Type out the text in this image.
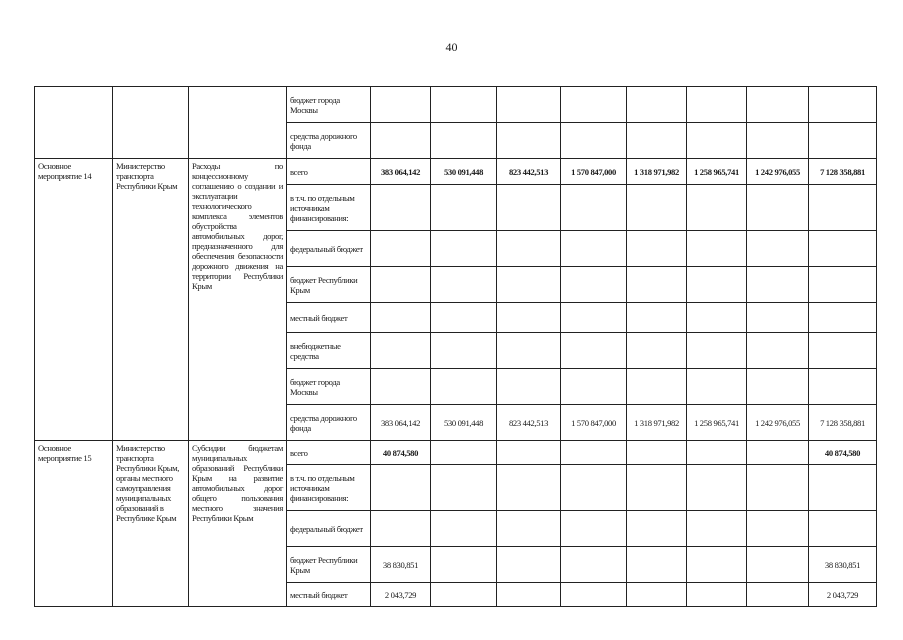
40
			бюджет города Москвы								
			средства дорожного фонда								
Основное мероприятие 14	Министерство транспорта Республики Крым	Расходы по концессионному соглашению о создании и эксплуатации технологического комплекса элементов обустройства автомобильных дорог, предназначенного для обеспечения безопасности дорожного движения на территории Республики Крым	всего	383 064,142	530 091,448	823 442,513	1 570 847,000	1 318 971,982	1 258 965,741	1 242 976,055	7 128 358,881
			в т.ч. по отдельным источникам финансирования:								
			федеральный бюджет								
			бюджет Республики Крым								
			местный бюджет								
			внебюджетные средства								
			бюджет города Москвы								
			средства дорожного фонда	383 064,142	530 091,448	823 442,513	1 570 847,000	1 318 971,982	1 258 965,741	1 242 976,055	7 128 358,881
Основное мероприятие 15	Министерство транспорта Республики Крым, органы местного самоуправления муниципальных образований в Республике Крым	Субсидии бюджетам муниципальных образований Республики Крым на развитие автомобильных дорог общего пользования местного значения Республики Крым	всего	40 874,580							40 874,580
			в т.ч. по отдельным источникам финансирования:								
			федеральный бюджет								
			бюджет Республики Крым	38 830,851							38 830,851
			местный бюджет	2 043,729							2 043,729
